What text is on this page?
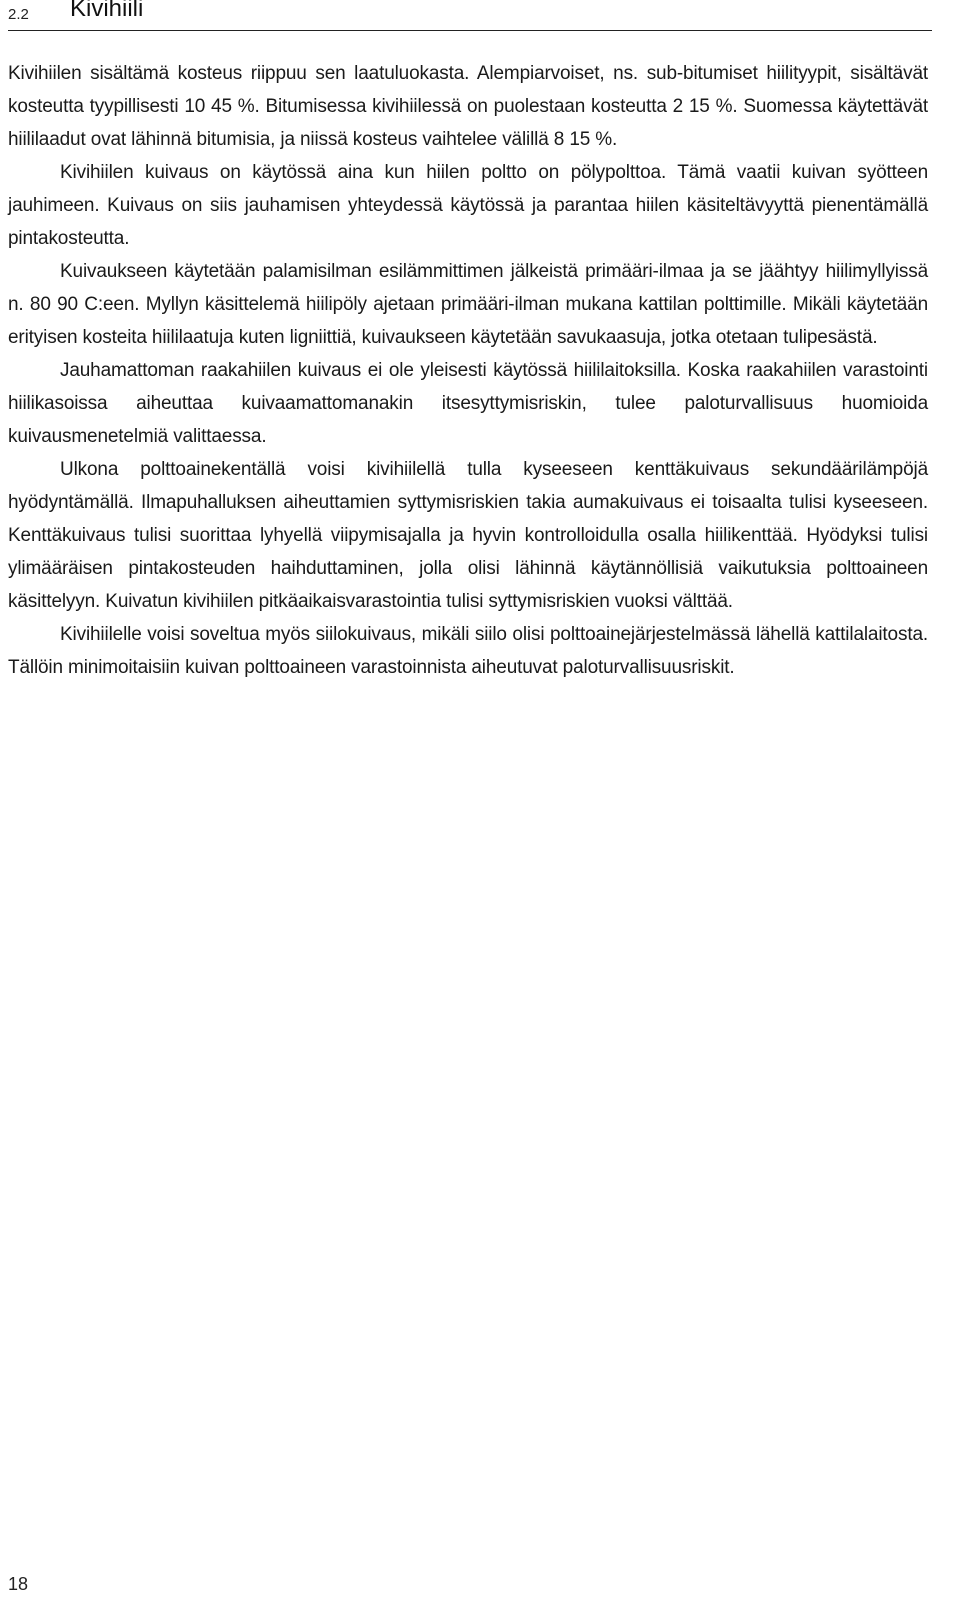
2.2 Kivihiili

Kivihiilen sisältämä kosteus riippuu sen laatuluokasta. Alempiarvoiset, ns. sub-bitumiset hiilityypit, sisältävät kosteutta tyypillisesti 10 45 %. Bitumisessa kivihiilessä on puolestaan kosteutta 2 15 %. Suomessa käytettävät hiililaadut ovat lähinnä bitumisia, ja niissä kosteus vaihtelee välillä 8 15 %.

Kivihiilen kuivaus on käytössä aina kun hiilen poltto on pölypolttoa. Tämä vaatii kuivan syötteen jauhimeen. Kuivaus on siis jauhamisen yhteydessä käytössä ja parantaa hiilen käsiteltävyyttä pienentämällä pintakosteutta.

Kuivaukseen käytetään palamisilman esilämmittimen jälkeistä primääri-ilmaa ja se jäähtyy hiilimyllyissä n. 80 90 C:een. Myllyn käsittelemä hiilipöly ajetaan primääri-ilman mukana kattilan polttimille. Mikäli käytetään erityisen kosteita hiililaatuja kuten ligniittiä, kuivaukseen käytetään savukaasuja, jotka otetaan tulipesästä.

Jauhamattoman raakahiilen kuivaus ei ole yleisesti käytössä hiililaitoksilla. Koska raakahiilen varastointi hiilikasoissa aiheuttaa kuivaamattomanakin itsesyttymisriskin, tulee paloturvallisuus huomioida kuivausmenetelmiä valittaessa.

Ulkona polttoainekentällä voisi kivihiilellä tulla kyseeseen kenttäkuivaus sekundäärilämpöjä hyödyntämällä. Ilmapuhalluksen aiheuttamien syttymisriskien takia aumakuivaus ei toisaalta tulisi kyseeseen. Kenttäkuivaus tulisi suorittaa lyhyellä viipymisajalla ja hyvin kontrolloidulla osalla hiilikenttää. Hyödyksi tulisi ylimääräisen pintakosteuden haihduttaminen, jolla olisi lähinnä käytännöllisiä vaikutuksia polttoaineen käsittelyyn. Kuivatun kivihiilen pitkäaikaisvarastointia tulisi syttymisriskien vuoksi välttää.

Kivihiilelle voisi soveltua myös siilokuivaus, mikäli siilo olisi polttoainejärjestelmässä lähellä kattilalaitosta. Tällöin minimoitaisiin kuivan polttoaineen varastoinnista aiheutuvat paloturvallisuusriskit.

18
